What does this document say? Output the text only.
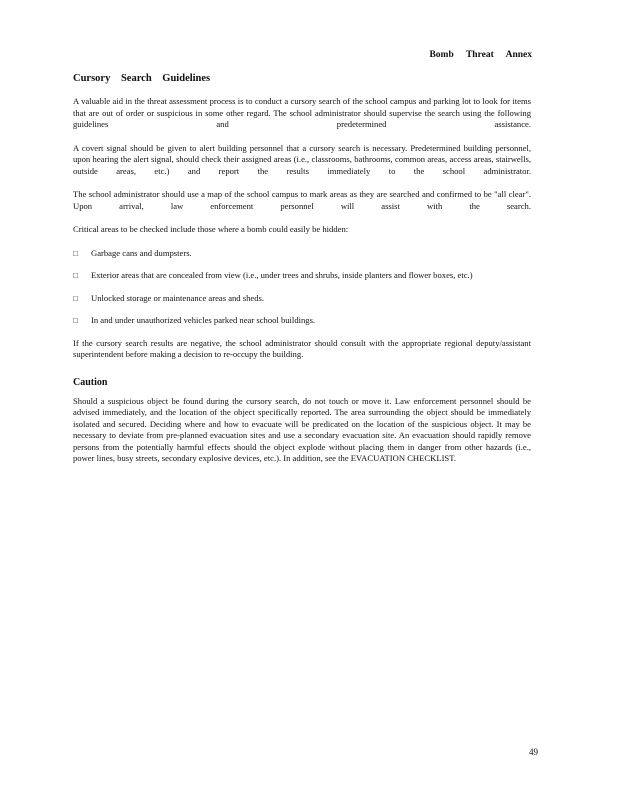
Bomb Threat Annex
Cursory Search Guidelines

A valuable aid in the threat assessment process is to conduct a cursory search of the school campus and parking lot to look for items that are out of order or suspicious in some other regard. The school administrator should supervise the search using the following guidelines and predetermined assistance.

A covert signal should be given to alert building personnel that a cursory search is necessary. Predetermined building personnel, upon hearing the alert signal, should check their assigned areas (i.e., classrooms, bathrooms, common areas, access areas, stairwells, outside areas, etc.) and report the results immediately to the school administrator.

The school administrator should use a map of the school campus to mark areas as they are searched and confirmed to be "all clear". Upon arrival, law enforcement personnel will assist with the search.

Critical areas to be checked include those where a bomb could easily be hidden:

□ Garbage cans and dumpsters.
□ Exterior areas that are concealed from view (i.e., under trees and shrubs, inside planters and flower boxes, etc.)
□ Unlocked storage or maintenance areas and sheds.
□ In and under unauthorized vehicles parked near school buildings.

If the cursory search results are negative, the school administrator should consult with the appropriate regional deputy/assistant superintendent before making a decision to re-occupy the building.

Caution

Should a suspicious object be found during the cursory search, do not touch or move it. Law enforcement personnel should be advised immediately, and the location of the object specifically reported. The area surrounding the object should be immediately isolated and secured. Deciding where and how to evacuate will be predicated on the location of the suspicious object. It may be necessary to deviate from pre-planned evacuation sites and use a secondary evacuation site. An evacuation should rapidly remove persons from the potentially harmful effects should the object explode without placing them in danger from other hazards (i.e., power lines, busy streets, secondary explosive devices, etc.). In addition, see the EVACUATION CHECKLIST.

49
